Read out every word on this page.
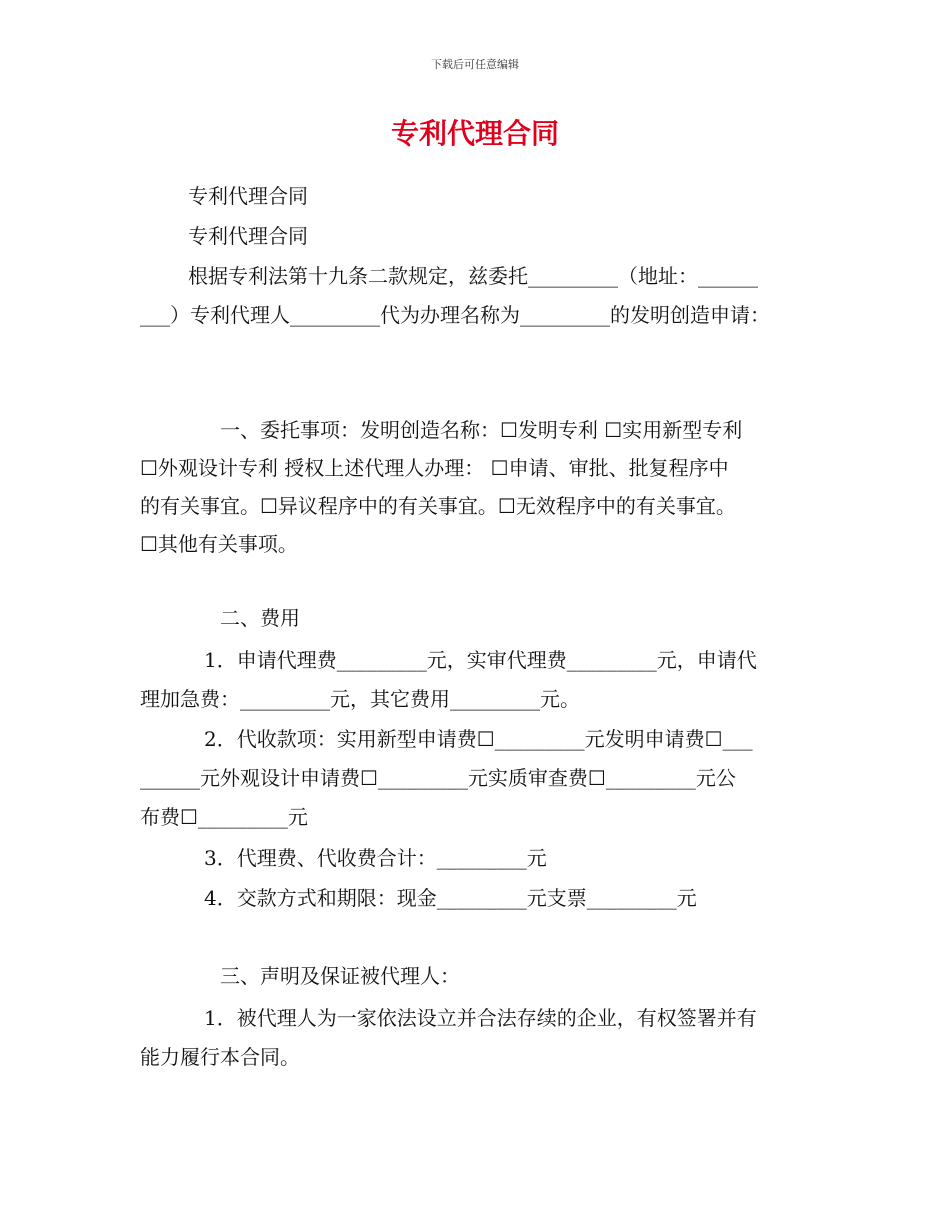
下载后可任意编辑
专利代理合同
专利代理合同
专利代理合同
根据专利法第十九条二款规定，兹委托_________（地址：______
___）专利代理人_________代为办理名称为_________的发明创造申请：
一、委托事项：发明创造名称：☐发明专利 ☐实用新型专利
☐外观设计专利 授权上述代理人办理： ☐申请、审批、批复程序中
的有关事宜。☐异议程序中的有关事宜。☐无效程序中的有关事宜。
☐其他有关事项。
二、费用
1．申请代理费_________元，实审代理费_________元，申请代
理加急费：_________元，其它费用_________元。
2．代收款项：实用新型申请费☐_________元发明申请费☐___
______元外观设计申请费☐_________元实质审查费☐_________元公
布费☐_________元
3．代理费、代收费合计：_________元
4．交款方式和期限：现金_________元支票_________元
三、声明及保证被代理人：
1．被代理人为一家依法设立并合法存续的企业，有权签署并有
能力履行本合同。
